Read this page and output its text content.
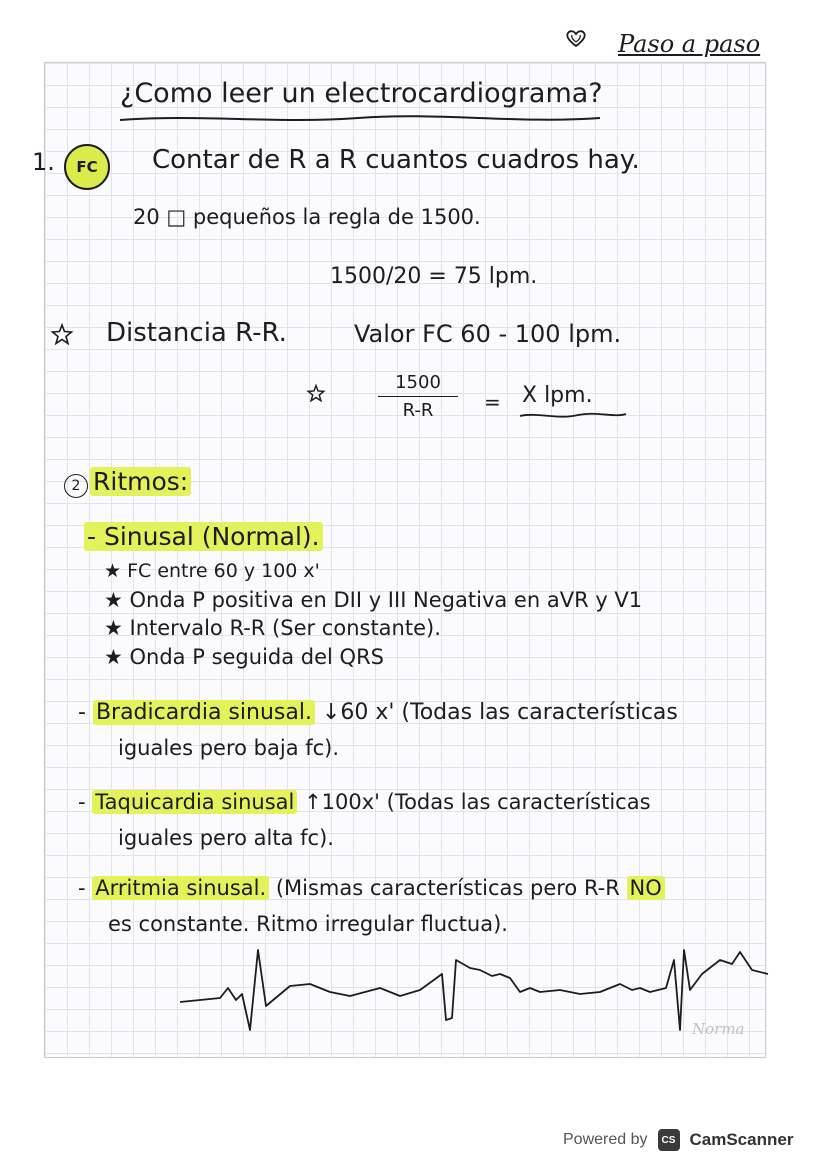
Paso a paso
¿Como leer un electrocardiograma?
1.	FC	Contar de R a R cuantos cuadros hay.
20 □ pequeños la regla de 1500.
1500/20 = 75 lpm.
Distancia R-R.	Valor FC 60 - 100 lpm.
1500
R-R	= X lpm.
2 Ritmos:
- Sinusal (Normal).
★ FC entre 60 y 100 x'
★ Onda P positiva en DII y III Negativa en aVR y V1
★ Intervalo R-R (Ser constante).
★ Onda P seguida del QRS
- Bradicardia sinusal. ↓60 x' (Todas las características
iguales pero baja fc).
- Taquicardia sinusal ↑100x' (Todas las características
iguales pero alta fc).
- Arritmia sinusal. (Mismas características pero R-R NO
es constante. Ritmo irregular fluctua).
Norma
Powered by	CS CamScanner
